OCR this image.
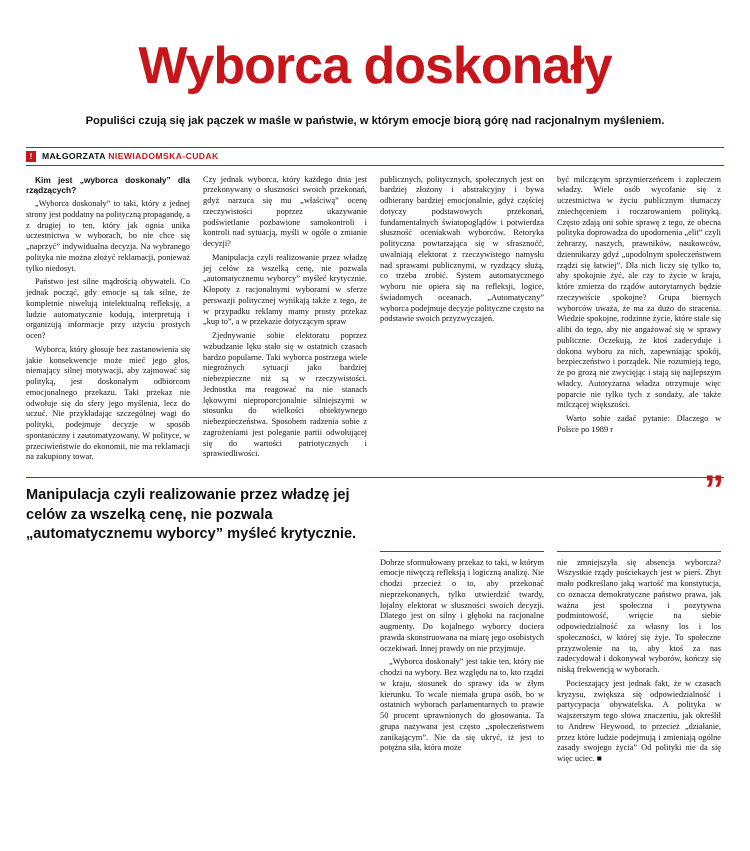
Wyborca doskonały
Populiści czują się jak pączek w maśle w państwie, w którym emocje biorą górę nad racjonalnym myśleniem.
!	MAŁGORZATA NIEWIADOMSKA-CUDAK

Kim jest „wyborca doskonały” dla rządzących?

„Wyborca doskonały” to taki, który z jednej strony jest poddatny na polityczną propagandę, a z drugiej to ten, który jak ognia unika uczestnictwa w wyborach, bo nie chce się „naprzyć” indywidualna decyzja. Na wybranego polityka nie można złożyć reklamacji, ponieważ tylko niedosyt.

Państwo jest silne mądrością obywateli. Co jednak począć, gdy emocje są tak silne, że kompletnie niwelują intelektualną refleksję, a ludzie automatycznie kodują, interpretują i organizują informacje przy użyciu prostych ocen?

Wyborca, który głosuje bez zastanowienia się jakie konsekwencje może mieć jego głos, niemający silnej motywacji, aby zajmować się polityką, jest doskonałym odbiorcom emocjonalnego przekazu. Taki przekaz nie odwołuje się do sfery jego myślenia, lecz do uczuć. Nie przykładając szczególnej wagi do polityki, podejmuje decyzje w sposób spontaniczny i zautomatyzowany. W polityce, w przeciwieństwie do ekonomii, nie ma reklamacji na zakupiony towar.

Czy jednak wyborca, który każdego dnia jest przekonywany o słuszności swoich przekonań, gdyż narzuca się mu „właściwą” ocenę rzeczywistości poprzez ukazywanie podświetlanie pozbawione samokontroli i kontroli nad sytuacją, myśli w ogóle o zmianie decyzji?

Manipulacja czyli realizowanie przez władzę jej celów za wszelką cenę, nie pozwala „automatycznemu wyborcy” myśleć krytycznie. Kłopoty z racjonalnymi wyborami w sferze perswazji politycznej wynikają także z tego, że w przypadku reklamy mamy prosty przekaz „kup to”, a w przekazie dotyczącym spraw

Zjednywanie sobie elektoratu poprzez wzbudzanie lęku stało się w ostatnich czasach bardzo popularne. Taki wyborca postrzega wiele niegroźnych sytuacji jako bardziej niebezpieczne niż są w rzeczywistości. Jednostka ma reagować na nie stanach lękowymi nieproporcjonalnie silniejszymi w stosunku do wielkości obiektywnego niebezpieczeństwa. Sposobem radzenia sobie z zagrożeniami jest poleganie partii odwołującej się do wartości patriotycznych i sprawiedliwości.

publicznych, politycznych, społecznych jest on bardziej złożony i abstrakcyjny i bywa odbierany bardziej emocjonalnie, gdyż częściej dotyczy podstawowych przekonań, fundamentalnych światopoglądów i potwierdza słuszność oceniakwah wyborców. Retoryka polityczna powtarzająca się w sfrasznoćć, uwalniają elektorat z rzeczywistego namysłu nad sprawami publicznymi, w ryzdzący służą, co trzeba zrobić. System automatycznego wyboru nie opiera się na refleksji, logice, świadomych oceanach. „Automatyczny” wyborca podejmuje decyzje polityczne często na podstawie swoich przyzwyczajeń.

być milczącym sprzymierzeńcem i zapleczem władzy. Wiele osób wycofanie się z uczestnictwa w życiu publicznym tłumaczy zniechęceniem i roczarowaniem polityką. Często zdają oni sobie sprawę z tego, że obecna polityka doprowadza do upodornenia „elit” czyli żebrarzy, naszych, prawników, naukowców, dziennikarzy gdyż „upodolnym społeczeństwem rządzi się łatwiej”. Dla nich liczy się tylko to, aby spokojnie żyć, ale czy to życie w kraju, które zmierza do rządów autorytarnych będzie rzeczywiście spokojne? Grupa biernych wyborców uważa, że ma za dużo do stracenia. Wiedzie spokojne, rodzinne życie, które stale się alibi do tego, aby nie angażować się w sprawy publiczne. Oczekują, że ktoś zadecyduje i dokona wyboru za nich, zapewniając spokój, bezpieczeństwo i porządek. Nie rozumieją tego, że po grozą nie zwycięjąc i stają się najlepszym władcy. Autoryzarna władza otrzymuje więc poparcie nie tylko tych z sondaży, ale także milczącej większości.

Warto sobie zadać pytanie: Dlaczego w Polsce po 1989 r

”
Manipulacja czyli realizowanie przez władzę jej celów za wszelką cenę, nie pozwala „automatycznemu wyborcy” myśleć krytycznie.

Dobrze sformułowany przekaz to taki, w którym emocje niwęczą refleksją i logiczną analizę. Nie chodzi przecież o to, aby przekonać nieprzekonanych, tylko utwierdzić twardy, lojalny elektorat w słuszności swoich decyzji. Dlatego jest on silny i głęboki na racjonalne augmenty. Do kojalnego wyborcy dociera prawda skonstruowana na miarę jego osobistych oczekiwań. Innej prawdy on nie przyjmuje.

„Wyborca doskonały” jest takie ten, który nie chodzi na wybory. Bez względu na to, kto rządzi w kraju, stosunek do sprawy ida w żłym kierunku. To wcale niemała grupa osób, bo w ostatnich wyborach parlamentarnych to prawie 50 procent uprawnionych do głosowania. Ta grupa nazywana jest często „społeczeństwem zanikającym”. Nie da się ukryć, iż jest to potężna siła, która może

nie zmniejszyła się absencja wyborcza? Wszystkie rządy pościekaych jest w pierś. Zbyt mało podkreślano jaką wartość ma konstytucja, co oznacza demokratyczne państwo prawa, jak ważna jest społeczna i pozytywna podmiotowość, wrięcie na siebie odpowiedzialność za własny los i los społeczności, w której się żyje. To społeczne przyzwolenie na to, aby ktoś za nas zadecydował i dokonywał wyborów, kończy się niską frekwencją w wyborach.

Pocieszający jest jednak fakt, że w czasach kryzysu, zwiększa się odpowiedzialność i partycypacja obywatelska. A polityka w wajszerszym tego słowa znaczeniu, jak określił to Andrew Heywood, to przecież „działanie, przez które ludzie podejmują i zmieniają ogólne zasady swojego życia” Od polityki nie da się więc uciec. ■
